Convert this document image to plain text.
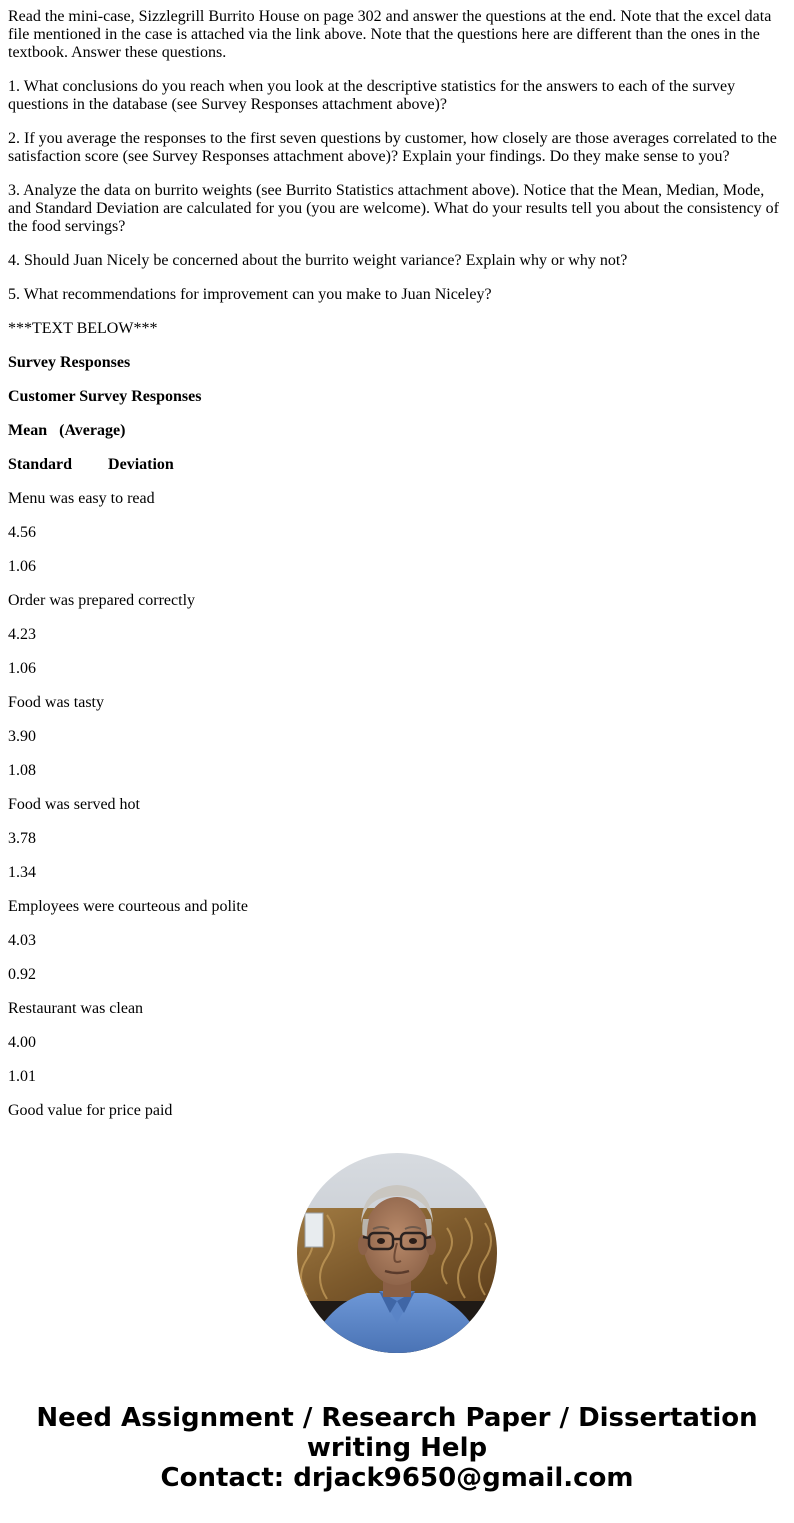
Read the mini-case, Sizzlegrill Burrito House on page 302 and answer the questions at the end. Note that the excel data file mentioned in the case is attached via the link above. Note that the questions here are different than the ones in the textbook. Answer these questions.

1. What conclusions do you reach when you look at the descriptive statistics for the answers to each of the survey questions in the database (see Survey Responses attachment above)?

2. If you average the responses to the first seven questions by customer, how closely are those averages correlated to the satisfaction score (see Survey Responses attachment above)? Explain your findings. Do they make sense to you?

3. Analyze the data on burrito weights (see Burrito Statistics attachment above). Notice that the Mean, Median, Mode, and Standard Deviation are calculated for you (you are welcome). What do your results tell you about the consistency of the food servings?

4. Should Juan Nicely be concerned about the burrito weight variance? Explain why or why not?

5. What recommendations for improvement can you make to Juan Niceley?

***TEXT BELOW***

Survey Responses

Customer Survey Responses

Mean (Average)

Standard Deviation

Menu was easy to read

4.56

1.06

Order was prepared correctly

4.23

1.06

Food was tasty

3.90

1.08

Food was served hot

3.78

1.34

Employees were courteous and polite

4.03

0.92

Restaurant was clean

4.00

1.01

Good value for price paid

Need Assignment / Research Paper / Dissertation
writing Help
Contact: drjack9650@gmail.com
